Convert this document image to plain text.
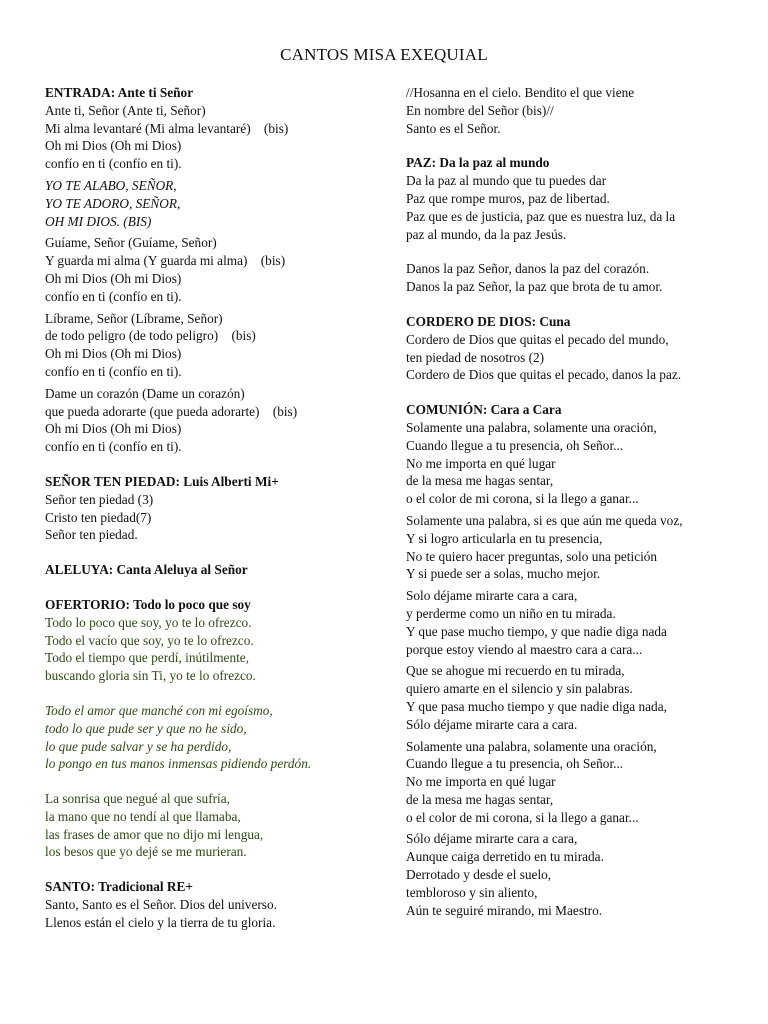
CANTOS MISA EXEQUIAL
ENTRADA: Ante ti Señor
Ante ti, Señor (Ante ti, Señor)
Mi alma levantaré (Mi alma levantaré)    (bis)
Oh mi Dios (Oh mi Dios)
confío en ti (confío en ti).
YO TE ALABO, SEÑOR,
YO TE ADORO, SEÑOR,
OH MI DIOS. (BIS)
Guíame, Señor (Guíame, Señor)
Y guarda mi alma (Y guarda mi alma)    (bis)
Oh mi Dios (Oh mi Dios)
confío en ti (confío en ti).
Líbrame, Señor (Líbrame, Señor)
de todo peligro (de todo peligro)    (bis)
Oh mi Dios (Oh mi Dios)
confío en ti (confío en ti).
Dame un corazón (Dame un corazón)
que pueda adorarte (que pueda adorarte)    (bis)
Oh mi Dios (Oh mi Dios)
confío en ti (confío en ti).
SEÑOR TEN PIEDAD: Luis Alberti Mi+
Señor ten piedad (3)
Cristo ten piedad(7)
Señor ten piedad.
ALELUYA: Canta Aleluya al Señor
OFERTORIO: Todo lo poco que soy
Todo lo poco que soy, yo te lo ofrezco.
Todo el vacío que soy, yo te lo ofrezco.
Todo el tiempo que perdí, inútilmente,
buscando gloria sin Ti, yo te lo ofrezco.
Todo el amor que manché con mi egoísmo,
todo lo que pude ser y que no he sido,
lo que pude salvar y se ha perdido,
lo pongo en tus manos inmensas pidiendo perdón.
La sonrisa que negué al que sufría,
la mano que no tendí al que llamaba,
las frases de amor que no dijo mi lengua,
los besos que yo dejé se me murieran.
SANTO: Tradicional RE+
Santo, Santo es el Señor. Dios del universo.
Llenos están el cielo y la tierra de tu gloria.
//Hosanna en el cielo. Bendito el que viene
En nombre del Señor (bis)//
Santo es el Señor.
PAZ: Da la paz al mundo
Da la paz al mundo que tu puedes dar
Paz que rompe muros, paz de libertad.
Paz que es de justicia, paz que es nuestra luz, da la
paz al mundo, da la paz Jesús.
Danos la paz Señor, danos la paz del corazón.
Danos la paz Señor, la paz que brota de tu amor.
CORDERO DE DIOS: Cuna
Cordero de Dios que quitas el pecado del mundo,
ten piedad de nosotros (2)
Cordero de Dios que quitas el pecado, danos la paz.
COMUNIÓN: Cara a Cara
Solamente una palabra, solamente una oración,
Cuando llegue a tu presencia, oh Señor...
No me importa en qué lugar
de la mesa me hagas sentar,
o el color de mi corona, si la llego a ganar...
Solamente una palabra, si es que aún me queda voz,
Y si logro articularla en tu presencia,
No te quiero hacer preguntas, solo una petición
Y si puede ser a solas, mucho mejor.
Solo déjame mirarte cara a cara,
y perderme como un niño en tu mirada.
Y que pase mucho tiempo, y que nadie diga nada
porque estoy viendo al maestro cara a cara...
Que se ahogue mi recuerdo en tu mirada,
quiero amarte en el silencio y sin palabras.
Y que pasa mucho tiempo y que nadie diga nada,
Sólo déjame mirarte cara a cara.
Solamente una palabra, solamente una oración,
Cuando llegue a tu presencia, oh Señor...
No me importa en qué lugar
de la mesa me hagas sentar,
o el color de mi corona, si la llego a ganar...
Sólo déjame mirarte cara a cara,
Aunque caiga derretido en tu mirada.
Derrotado y desde el suelo,
tembloroso y sin aliento,
Aún te seguiré mirando, mi Maestro.
